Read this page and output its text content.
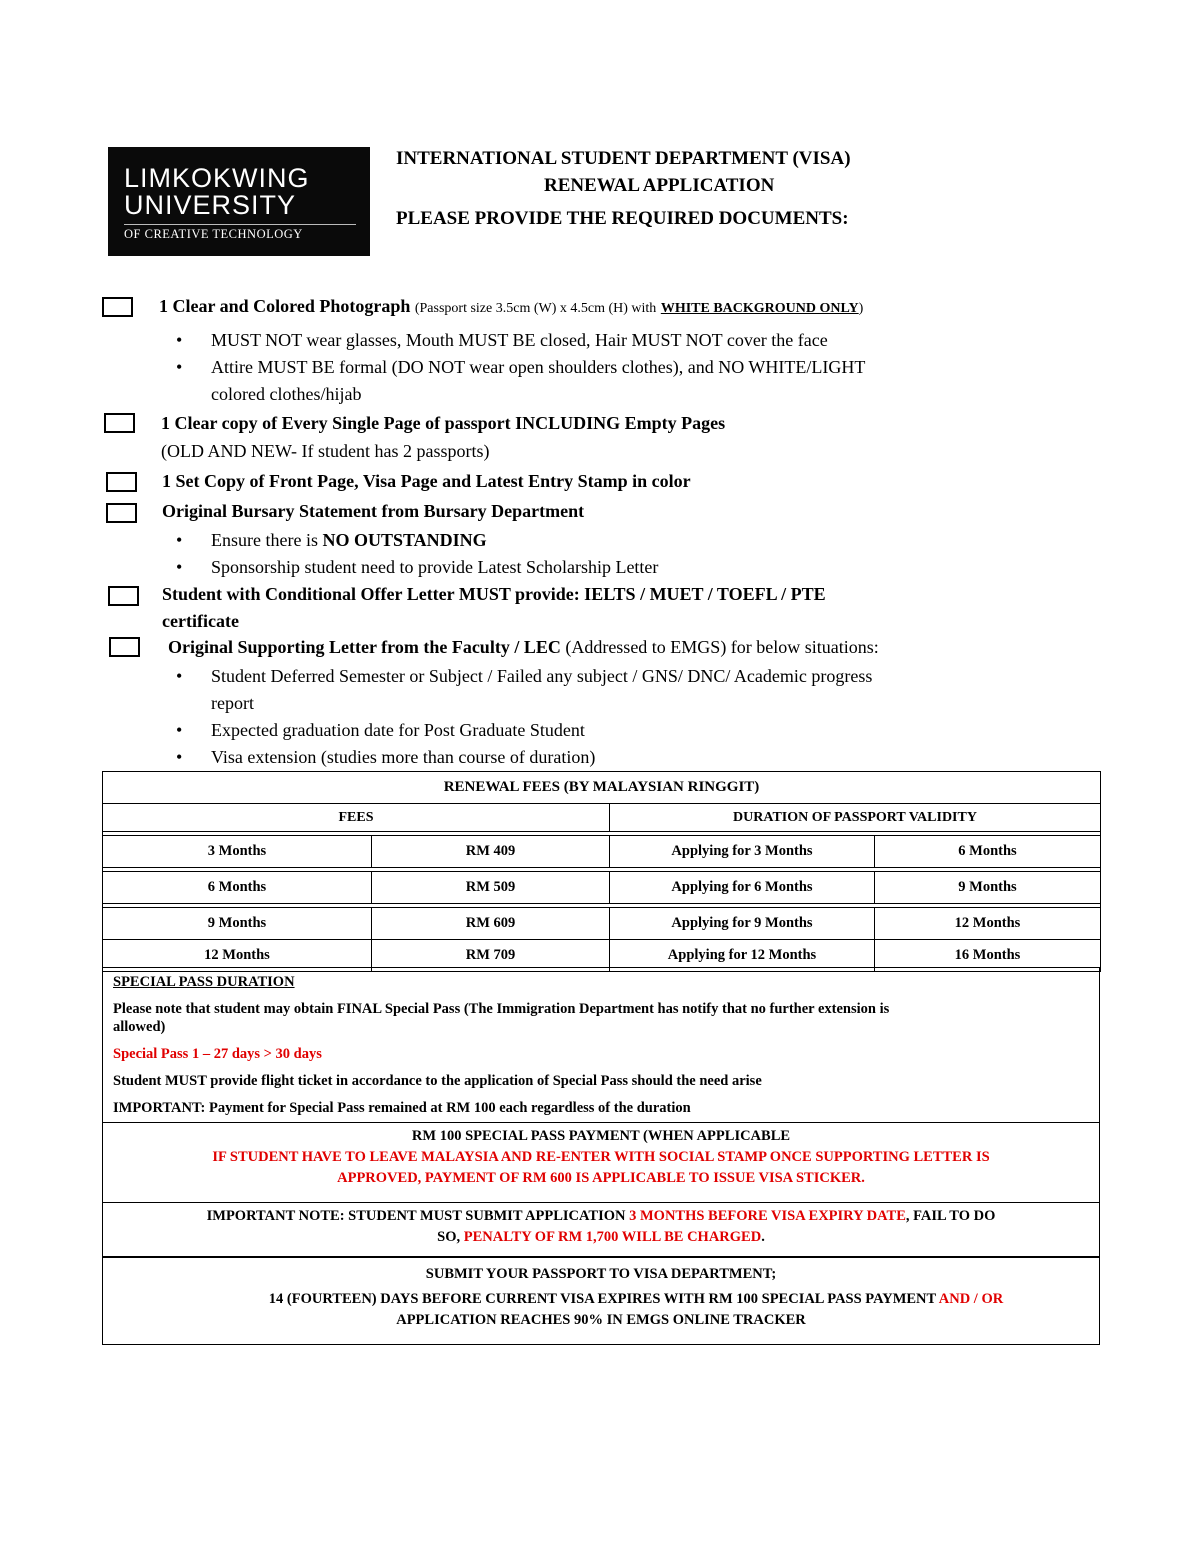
LIMKOKWING
UNIVERSITY
OF CREATIVE TECHNOLOGY
INTERNATIONAL STUDENT DEPARTMENT (VISA)
RENEWAL APPLICATION
PLEASE PROVIDE THE REQUIRED DOCUMENTS:
1 Clear and Colored Photograph (Passport size 3.5cm (W) x 4.5cm (H) with WHITE BACKGROUND ONLY)
• MUST NOT wear glasses, Mouth MUST BE closed, Hair MUST NOT cover the face
• Attire MUST BE formal (DO NOT wear open shoulders clothes), and NO WHITE/LIGHT
colored clothes/hijab
1 Clear copy of Every Single Page of passport INCLUDING Empty Pages
(OLD AND NEW- If student has 2 passports)
1 Set Copy of Front Page, Visa Page and Latest Entry Stamp in color
Original Bursary Statement from Bursary Department
• Ensure there is NO OUTSTANDING
• Sponsorship student need to provide Latest Scholarship Letter
Student with Conditional Offer Letter MUST provide: IELTS / MUET / TOEFL / PTE
certificate
Original Supporting Letter from the Faculty / LEC (Addressed to EMGS) for below situations:
• Student Deferred Semester or Subject / Failed any subject / GNS/ DNC/ Academic progress
report
• Expected graduation date for Post Graduate Student
• Visa extension (studies more than course of duration)
RENEWAL FEES (BY MALAYSIAN RINGGIT)			
FEES		DURATION OF PASSPORT VALIDITY	

3 Months	RM 409	Applying for 3 Months	6 Months

6 Months	RM 509	Applying for 6 Months	9 Months

9 Months	RM 609	Applying for 9 Months	12 Months
12 Months	RM 709	Applying for 12 Months	16 Months
SPECIAL PASS DURATION
Please note that student may obtain FINAL Special Pass (The Immigration Department has notify that no further extension is
allowed)
Special Pass 1 – 27 days > 30 days
Student MUST provide flight ticket in accordance to the application of Special Pass should the need arise
IMPORTANT: Payment for Special Pass remained at RM 100 each regardless of the duration
RM 100 SPECIAL PASS PAYMENT (WHEN APPLICABLE
IF STUDENT HAVE TO LEAVE MALAYSIA AND RE-ENTER WITH SOCIAL STAMP ONCE SUPPORTING LETTER IS
APPROVED, PAYMENT OF RM 600 IS APPLICABLE TO ISSUE VISA STICKER.
IMPORTANT NOTE: STUDENT MUST SUBMIT APPLICATION 3 MONTHS BEFORE VISA EXPIRY DATE, FAIL TO DO
SO, PENALTY OF RM 1,700 WILL BE CHARGED.
SUBMIT YOUR PASSPORT TO VISA DEPARTMENT;
14 (FOURTEEN) DAYS BEFORE CURRENT VISA EXPIRES WITH RM 100 SPECIAL PASS PAYMENT AND / OR
APPLICATION REACHES 90% IN EMGS ONLINE TRACKER
